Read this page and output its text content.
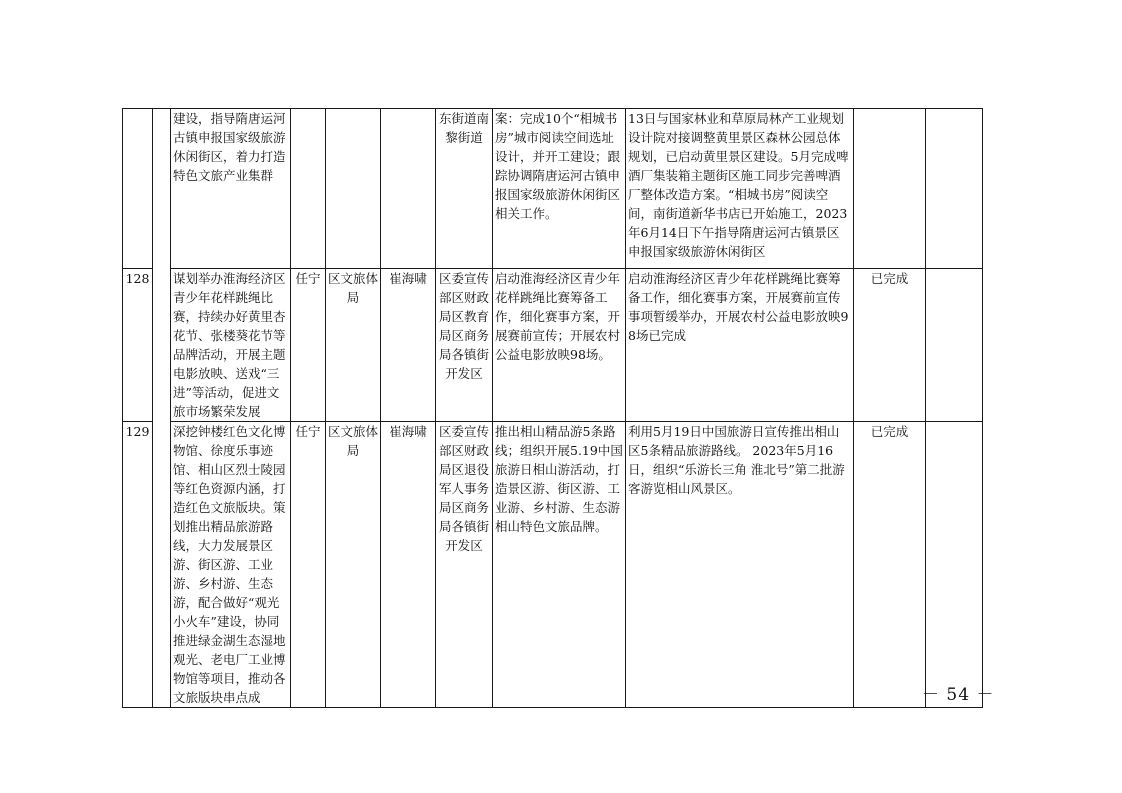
		建设，指导隋唐运河古镇申报国家级旅游休闲街区，着力打造特色文旅产业集群				东街道南黎街道	案：完成10个“相城书房”城市阅读空间选址设计，并开工建设；跟踪协调隋唐运河古镇申报国家级旅游休闲街区相关工作。	13日与国家林业和草原局林产工业规划设计院对接调整黄里景区森林公园总体规划，已启动黄里景区建设。5月完成啤酒厂集装箱主题街区施工同步完善啤酒厂整体改造方案。“相城书房”阅读空间，南街道新华书店已开始施工，2023年6月14日下午指导隋唐运河古镇景区申报国家级旅游休闲街区		
128		谋划举办淮海经济区青少年花样跳绳比赛，持续办好黄里杏花节、张楼葵花节等品牌活动，开展主题电影放映、送戏“三进”等活动，促进文旅市场繁荣发展	任宁	区文旅体局	崔海啸	区委宣传部区财政局区教育局区商务局各镇街开发区	启动淮海经济区青少年花样跳绳比赛筹备工作，细化赛事方案，开展赛前宣传；开展农村公益电影放映98场。	启动淮海经济区青少年花样跳绳比赛筹备工作，细化赛事方案，开展赛前宣传事项暂缓举办，开展农村公益电影放映98场已完成	已完成	
129		深挖钟楼红色文化博物馆、徐度乐事迹馆、相山区烈士陵园等红色资源内涵，打造红色文旅版块。策划推出精品旅游路线，大力发展景区游、街区游、工业游、乡村游、生态游，配合做好“观光小火车”建设，协同推进绿金湖生态湿地观光、老电厂工业博物馆等项目，推动各文旅版块串点成	任宁	区文旅体局	崔海啸	区委宣传部区财政局区退役军人事务局区商务局各镇街开发区	推出相山精品游5条路线；组织开展5.19中国旅游日相山游活动，打造景区游、街区游、工业游、乡村游、生态游相山特色文旅品牌。	利用5月19日中国旅游日宣传推出相山区5条精品旅游路线。 2023年5月16日，组织“乐游长三角 淮北号”第二批游客游览相山风景区。	已完成	
－ 54 －
